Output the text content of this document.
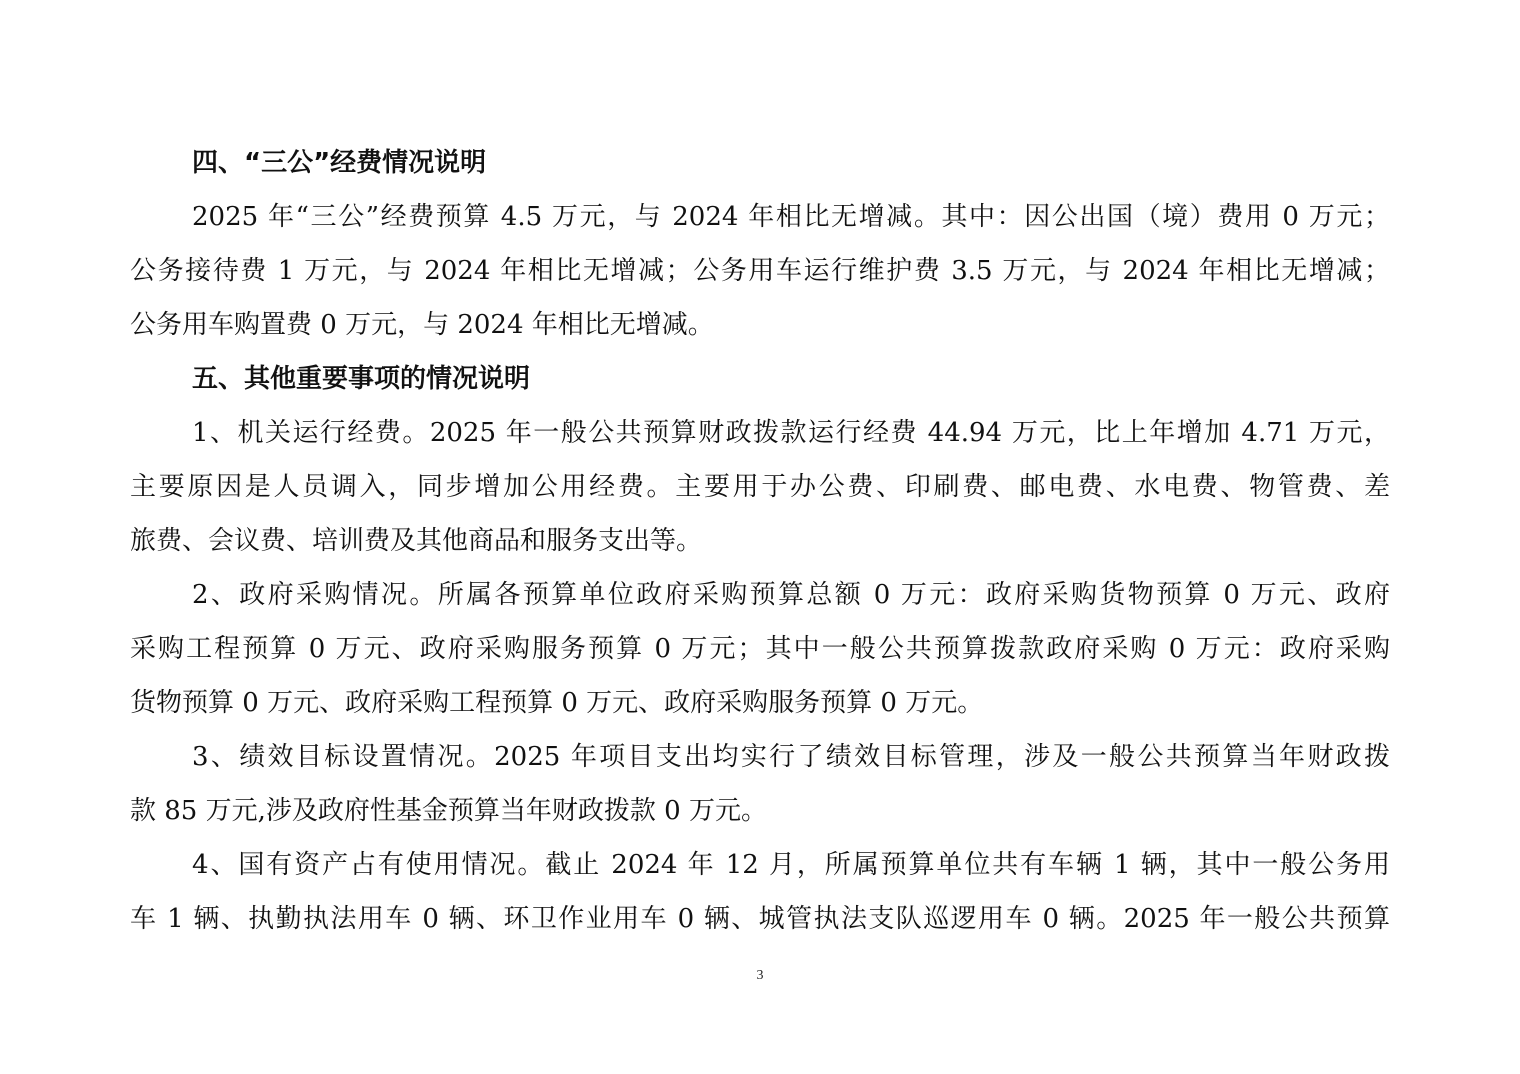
四、“三公”经费情况说明
2025 年“三公”经费预算 4.5 万元，与 2024 年相比无增减。其中：因公出国（境）费用 0 万元；
公务接待费 1 万元，与 2024 年相比无增减；公务用车运行维护费 3.5 万元，与 2024 年相比无增减；
公务用车购置费 0 万元，与 2024 年相比无增减。
五、其他重要事项的情况说明
1、机关运行经费。2025 年一般公共预算财政拨款运行经费 44.94 万元，比上年增加 4.71 万元，
主要原因是人员调入，同步增加公用经费。主要用于办公费、印刷费、邮电费、水电费、物管费、差
旅费、会议费、培训费及其他商品和服务支出等。
2、政府采购情况。所属各预算单位政府采购预算总额 0 万元：政府采购货物预算 0 万元、政府
采购工程预算 0 万元、政府采购服务预算 0 万元；其中一般公共预算拨款政府采购 0 万元：政府采购
货物预算 0 万元、政府采购工程预算 0 万元、政府采购服务预算 0 万元。
3、绩效目标设置情况。2025 年项目支出均实行了绩效目标管理，涉及一般公共预算当年财政拨
款 85 万元,涉及政府性基金预算当年财政拨款 0 万元。
4、国有资产占有使用情况。截止 2024 年 12 月，所属预算单位共有车辆 1 辆，其中一般公务用
车 1 辆、执勤执法用车 0 辆、环卫作业用车 0 辆、城管执法支队巡逻用车 0 辆。2025 年一般公共预算
3
